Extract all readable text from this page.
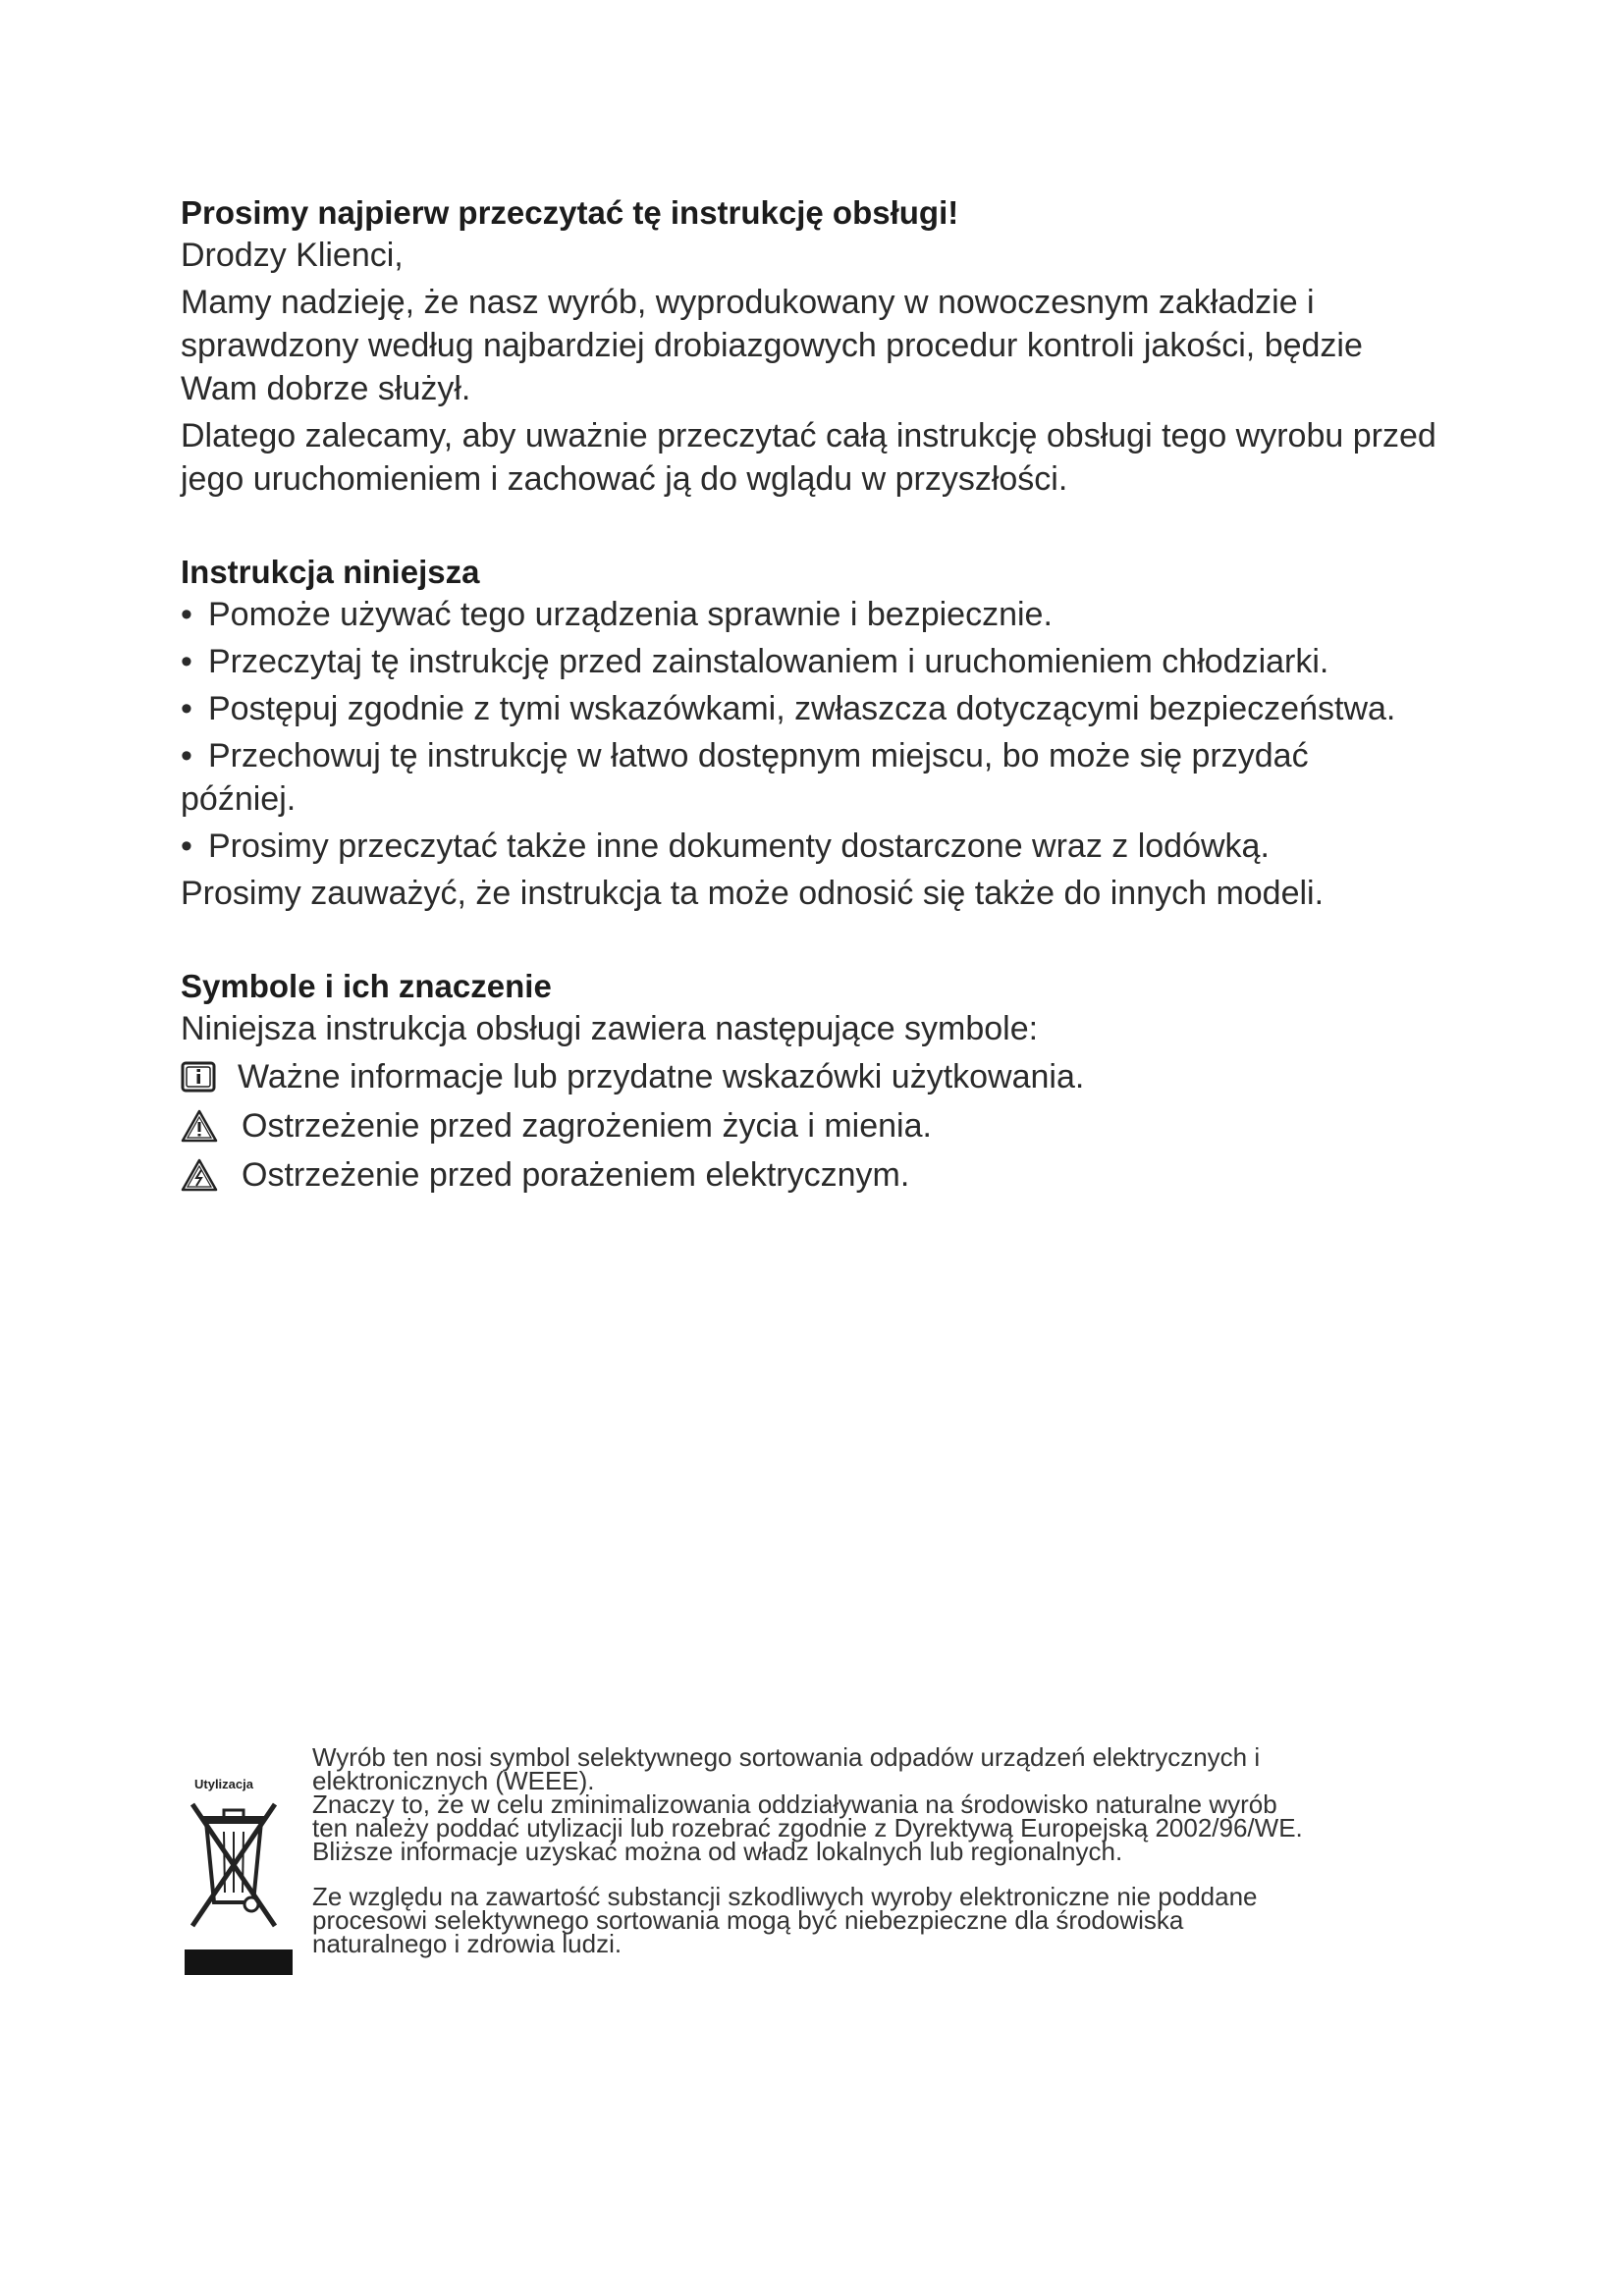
Prosimy najpierw przeczytać tę instrukcję obsługi!

Drodzy Klienci,

Mamy nadzieję, że nasz wyrób, wyprodukowany w nowoczesnym zakładzie i
sprawdzony według najbardziej drobiazgowych procedur kontroli jakości, będzie
Wam dobrze służył.

Dlatego zalecamy, aby uważnie przeczytać całą instrukcję obsługi tego wyrobu przed
jego uruchomieniem i zachować ją do wglądu w przyszłości.

Instrukcja niniejsza

• Pomoże używać tego urządzenia sprawnie i bezpiecznie.

• Przeczytaj tę instrukcję przed zainstalowaniem i uruchomieniem chłodziarki.

• Postępuj zgodnie z tymi wskazówkami, zwłaszcza dotyczącymi bezpieczeństwa.

• Przechowuj tę instrukcję w łatwo dostępnym miejscu, bo może się przydać
później.

• Prosimy przeczytać także inne dokumenty dostarczone wraz z lodówką.

Prosimy zauważyć, że instrukcja ta może odnosić się także do innych modeli.

Symbole i ich znaczenie

Niniejsza instrukcja obsługi zawiera następujące symbole:

Ważne informacje lub przydatne wskazówki użytkowania.
Ostrzeżenie przed zagrożeniem życia i mienia.
Ostrzeżenie przed porażeniem elektrycznym.
Utylizacja

Wyrób ten nosi symbol selektywnego sortowania odpadów urządzeń elektrycznych i
elektronicznych (WEEE).
Znaczy to, że w celu zminimalizowania oddziaływania na środowisko naturalne wyrób
ten należy poddać utylizacji lub rozebrać zgodnie z Dyrektywą Europejską 2002/96/WE.
Bliższe informacje uzyskać można od władz lokalnych lub regionalnych.

Ze względu na zawartość substancji szkodliwych wyroby elektroniczne nie poddane
procesowi selektywnego sortowania mogą być niebezpieczne dla środowiska
naturalnego i zdrowia ludzi.
